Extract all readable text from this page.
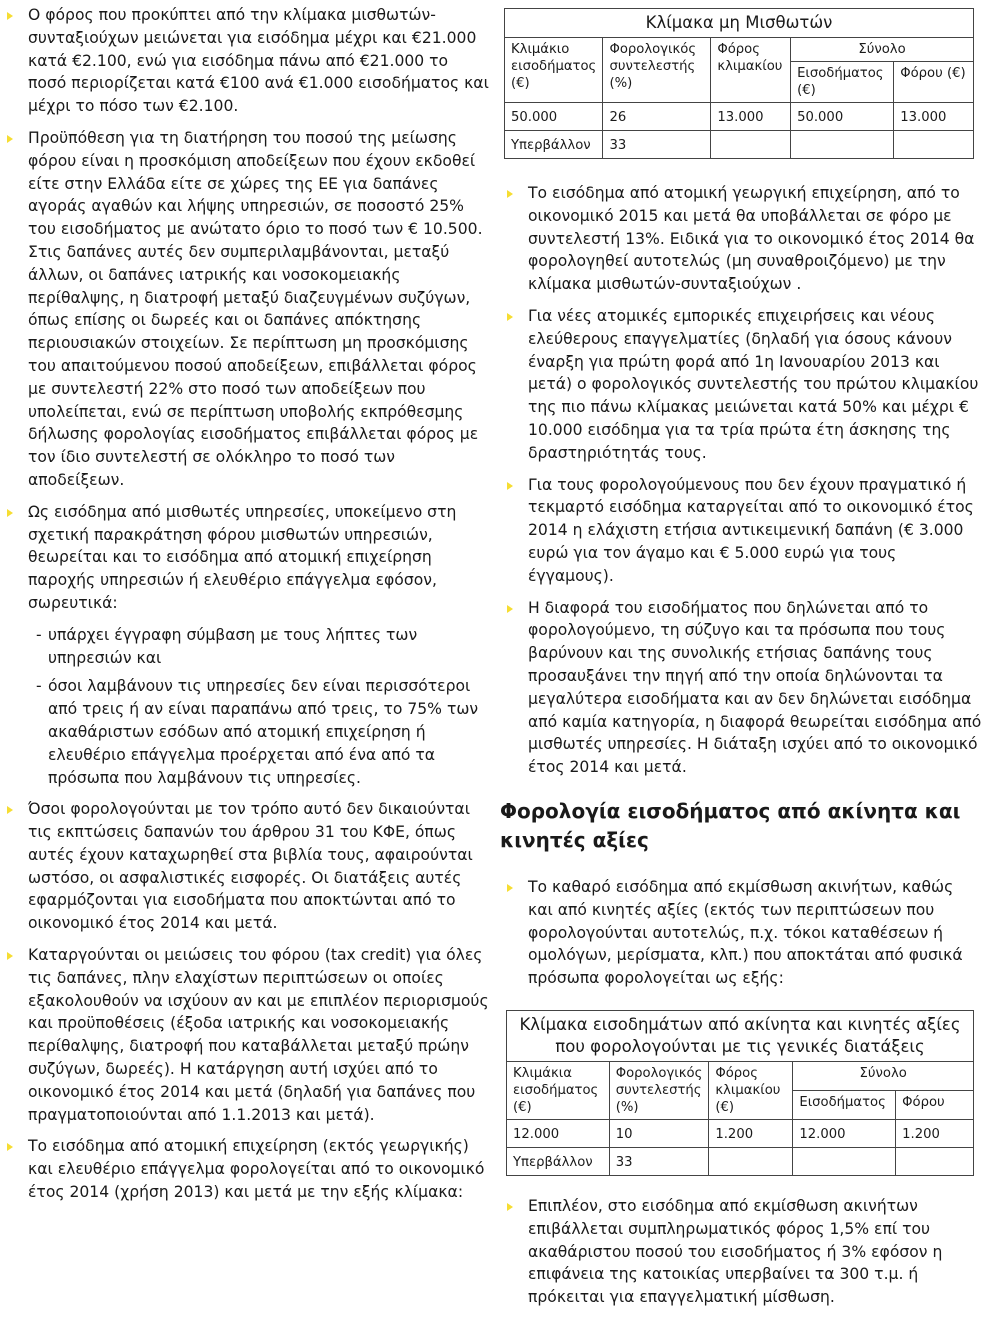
Ο φόρος που προκύπτει από την κλίμακα μισθωτών-συνταξιούχων μειώνεται για εισόδημα μέχρι και €21.000 κατά €2.100, ενώ για εισόδημα πάνω από €21.000 το ποσό περιορίζεται κατά €100 ανά €1.000 εισοδήματος και μέχρι το πόσο των €2.100.
Προϋπόθεση για τη διατήρηση του ποσού της μείωσης φόρου είναι η προσκόμιση αποδείξεων που έχουν εκδοθεί είτε στην Ελλάδα είτε σε χώρες της ΕΕ για δαπάνες αγοράς αγαθών και λήψης υπηρεσιών, σε ποσοστό 25% του εισοδήματος με ανώτατο όριο το ποσό των € 10.500. Στις δαπάνες αυτές δεν συμπεριλαμβάνονται, μεταξύ άλλων, οι δαπάνες ιατρικής και νοσοκομειακής περίθαλψης, η διατροφή μεταξύ διαζευγμένων συζύγων, όπως επίσης οι δωρεές και οι δαπάνες απόκτησης περιουσιακών στοιχείων. Σε περίπτωση μη προσκόμισης του απαιτούμενου ποσού αποδείξεων, επιβάλλεται φόρος με συντελεστή 22% στο ποσό των αποδείξεων που υπολείπεται, ενώ σε περίπτωση υποβολής εκπρόθεσμης δήλωσης φορολογίας εισοδήματος επιβάλλεται φόρος με τον ίδιο συντελεστή σε ολόκληρο το ποσό των αποδείξεων.
Ως εισόδημα από μισθωτές υπηρεσίες, υποκείμενο στη σχετική παρακράτηση φόρου μισθωτών υπηρεσιών, θεωρείται και το εισόδημα από ατομική επιχείρηση παροχής υπηρεσιών ή ελευθέριο επάγγελμα εφόσον, σωρευτικά:
- υπάρχει έγγραφη σύμβαση με τους λήπτες των υπηρεσιών και
- όσοι λαμβάνουν τις υπηρεσίες δεν είναι περισσότεροι από τρεις ή αν είναι παραπάνω από τρεις, το 75% των ακαθάριστων εσόδων από ατομική επιχείρηση ή ελευθέριο επάγγελμα προέρχεται από ένα από τα πρόσωπα που λαμβάνουν τις υπηρεσίες.
Όσοι φορολογούνται με τον τρόπο αυτό δεν δικαιούνται τις εκπτώσεις δαπανών του άρθρου 31 του ΚΦΕ, όπως αυτές έχουν καταχωρηθεί στα βιβλία τους, αφαιρούνται ωστόσο, οι ασφαλιστικές εισφορές. Οι διατάξεις αυτές εφαρμόζονται για εισοδήματα που αποκτώνται από το οικονομικό έτος 2014 και μετά.
Καταργούνται οι μειώσεις του φόρου (tax credit) για όλες τις δαπάνες, πλην ελαχίστων περιπτώσεων οι οποίες εξακολουθούν να ισχύουν αν και με επιπλέον περιορισμούς και προϋποθέσεις (έξοδα ιατρικής και νοσοκομειακής περίθαλψης, διατροφή που καταβάλλεται μεταξύ πρώην συζύγων, δωρεές). Η κατάργηση αυτή ισχύει από το οικονομικό έτος 2014 και μετά (δηλαδή για δαπάνες που πραγματοποιούνται από 1.1.2013 και μετά).
Το εισόδημα από ατομική επιχείρηση (εκτός γεωργικής) και ελευθέριο επάγγελμα φορολογείται από το οικονομικό έτος 2014 (χρήση 2013) και μετά με την εξής κλίμακα:
Κλίμακα μη Μισθωτών				
Κλιμάκιο εισοδήματος (€)	Φορολογικός συντελεστής (%)	Φόρος κλιμακίου	Σύνολο	
			Εισοδήματος (€)	Φόρου (€)
50.000	26	13.000	50.000	13.000
Υπερβάλλον	33			
Το εισόδημα από ατομική γεωργική επιχείρηση, από το οικονομικό 2015 και μετά θα υποβάλλεται σε φόρο με συντελεστή 13%. Ειδικά για το οικονομικό έτος 2014 θα φορολογηθεί αυτοτελώς (μη συναθροιζόμενο) με την κλίμακα μισθωτών-συνταξιούχων .
Για νέες ατομικές εμπορικές επιχειρήσεις και νέους ελεύθερους επαγγελματίες (δηλαδή για όσους κάνουν έναρξη για πρώτη φορά από 1η Ιανουαρίου 2013 και μετά) ο φορολογικός συντελεστής του πρώτου κλιμακίου της πιο πάνω κλίμακας μειώνεται κατά 50% και μέχρι € 10.000 εισόδημα για τα τρία πρώτα έτη άσκησης της δραστηριότητάς τους.
Για τους φορολογούμενους που δεν έχουν πραγματικό ή τεκμαρτό εισόδημα καταργείται από το οικονομικό έτος 2014 η ελάχιστη ετήσια αντικειμενική δαπάνη (€ 3.000 ευρώ για τον άγαμο και € 5.000 ευρώ για τους έγγαμους).
Η διαφορά του εισοδήματος που δηλώνεται από το φορολογούμενο, τη σύζυγο και τα πρόσωπα που τους βαρύνουν και της συνολικής ετήσιας δαπάνης τους προσαυξάνει την πηγή από την οποία δηλώνονται τα μεγαλύτερα εισοδήματα και αν δεν δηλώνεται εισόδημα από καμία κατηγορία, η διαφορά θεωρείται εισόδημα από μισθωτές υπηρεσίες. Η διάταξη ισχύει από το οικονομικό έτος 2014 και μετά.
Φορολογία εισοδήματος από ακίνητα και κινητές αξίες
Το καθαρό εισόδημα από εκμίσθωση ακινήτων, καθώς και από κινητές αξίες (εκτός των περιπτώσεων που φορολογούνται αυτοτελώς, π.χ. τόκοι καταθέσεων ή ομολόγων, μερίσματα, κλπ.) που αποκτάται από φυσικά πρόσωπα φορολογείται ως εξής:
Κλίμακα εισοδημάτων από ακίνητα και κινητές αξίες που φορολογούνται με τις γενικές διατάξεις				
Κλιμάκια εισοδήματος (€)	Φορολογικός συντελεστής (%)	Φόρος κλιμακίου (€)	Σύνολο	
			Εισοδήματος	Φόρου
12.000	10	1.200	12.000	1.200
Υπερβάλλον	33			
Επιπλέον, στο εισόδημα από εκμίσθωση ακινήτων επιβάλλεται συμπληρωματικός φόρος 1,5% επί του ακαθάριστου ποσού του εισοδήματος ή 3% εφόσον η επιφάνεια της κατοικίας υπερβαίνει τα 300 τ.μ. ή πρόκειται για επαγγελματική μίσθωση.
